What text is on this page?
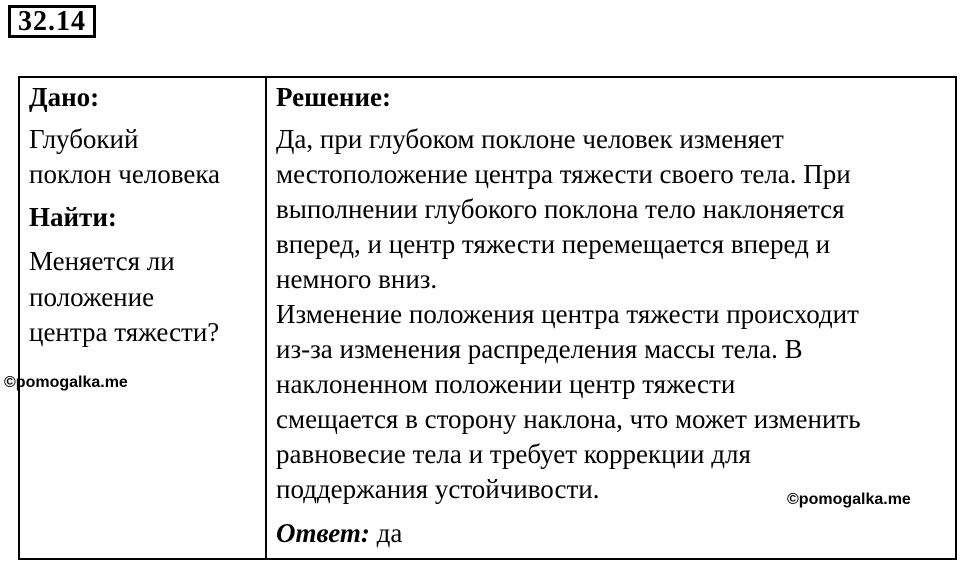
32.14
Дано:
Глубокий
поклон человека
Найти:
Меняется ли
положение
центра тяжести?
Решение:
Да, при глубоком поклоне человек изменяет
местоположение центра тяжести своего тела. При
выполнении глубокого поклона тело наклоняется
вперед, и центр тяжести перемещается вперед и
немного вниз.
Изменение положения центра тяжести происходит
из-за изменения распределения массы тела. В
наклоненном положении центр тяжести
смещается в сторону наклона, что может изменить
равновесие тела и требует коррекции для
поддержания устойчивости.
Ответ: да
©pomogalka.me
©pomogalka.me
